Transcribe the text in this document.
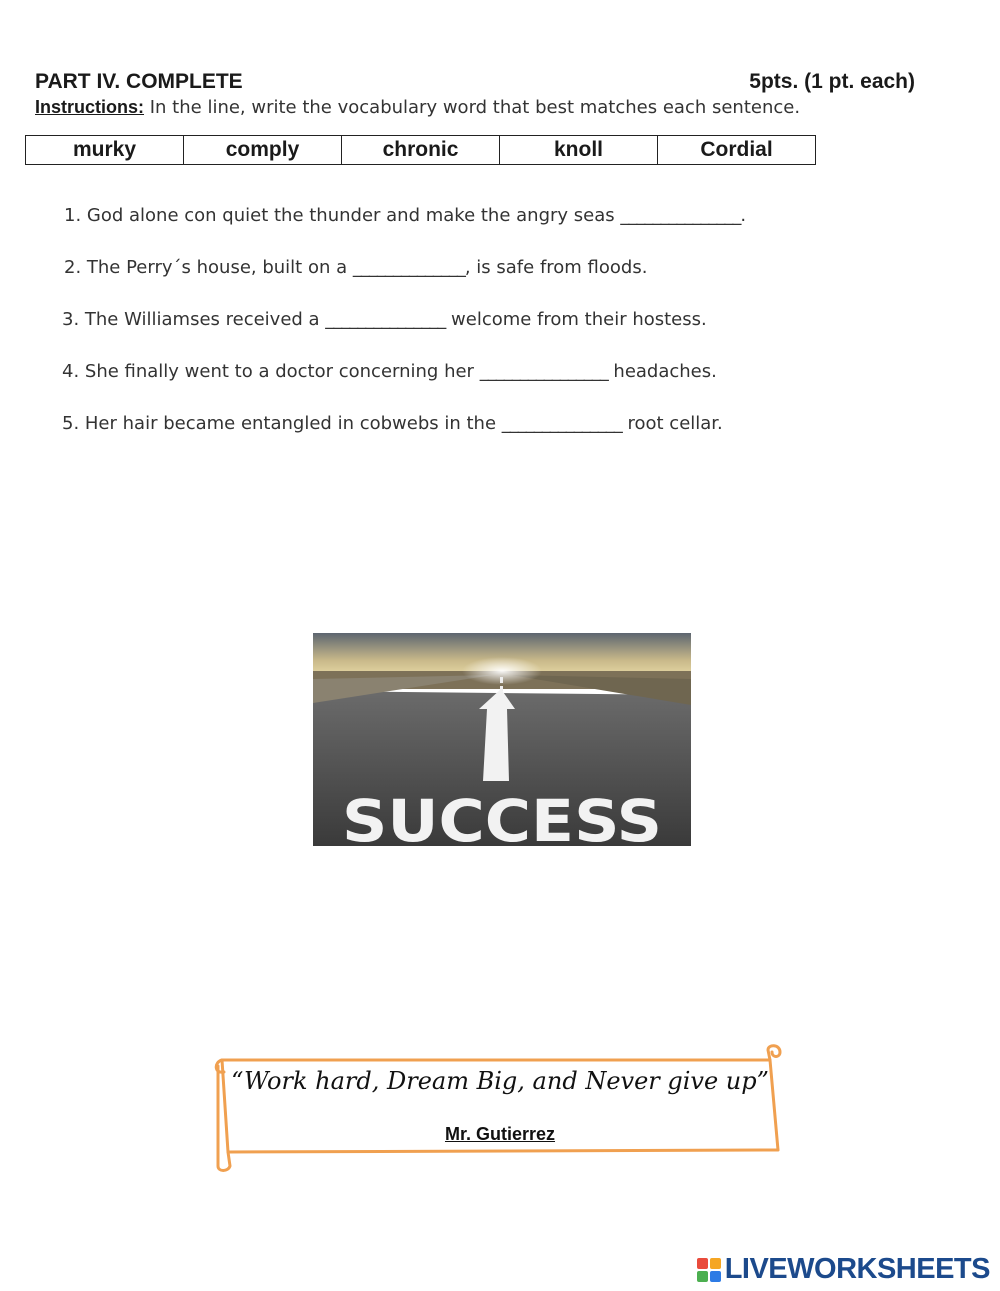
PART IV. COMPLETE	5pts. (1 pt. each)
Instructions: In the line, write the vocabulary word that best matches each sentence.
murky	comply	chronic	knoll	Cordial
1. God alone con quiet the thunder and make the angry seas _______________.
2. The Perry´s house, built on a ______________, is safe from floods.
3. The Williamses received a _______________ welcome from their hostess.
4. She finally went to a doctor concerning her ________________ headaches.
5. Her hair became entangled in cobwebs in the _______________ root cellar.
SUCCESS
“Work hard, Dream Big, and Never give up”
Mr. Gutierrez
LIVEWORKSHEETS
